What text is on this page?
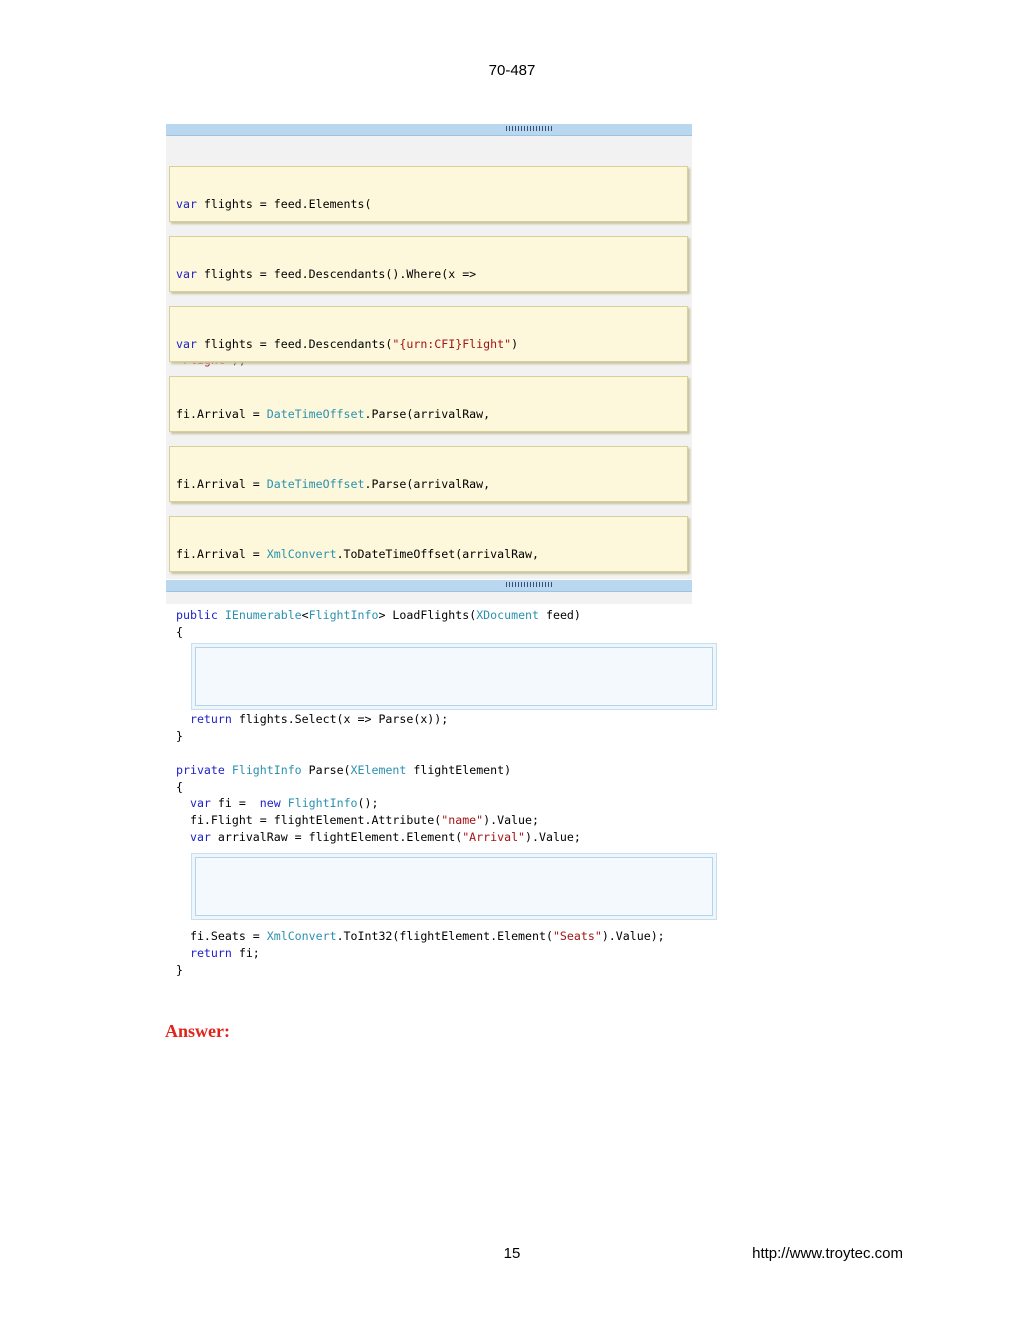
70-487

var flights = feed.Elements(

var flights = feed.Descendants().Where(x =>

var flights = feed.Descendants("{urn:CFI}Flight")

fi.Arrival = DateTimeOffset.Parse(arrivalRaw,

fi.Arrival = DateTimeOffset.Parse(arrivalRaw,

fi.Arrival = XmlConvert.ToDateTimeOffset(arrivalRaw,

public IEnumerable<FlightInfo> LoadFlights(XDocument feed)

{

return flights.Select(x => Parse(x));

}

private FlightInfo Parse(XElement flightElement)

{

var fi =  new FlightInfo();

fi.Flight = flightElement.Attribute("name").Value;

var arrivalRaw = flightElement.Element("Arrival").Value;

fi.Seats = XmlConvert.ToInt32(flightElement.Element("Seats").Value);

return fi;

}

Answer:
15	http://www.troytec.com
